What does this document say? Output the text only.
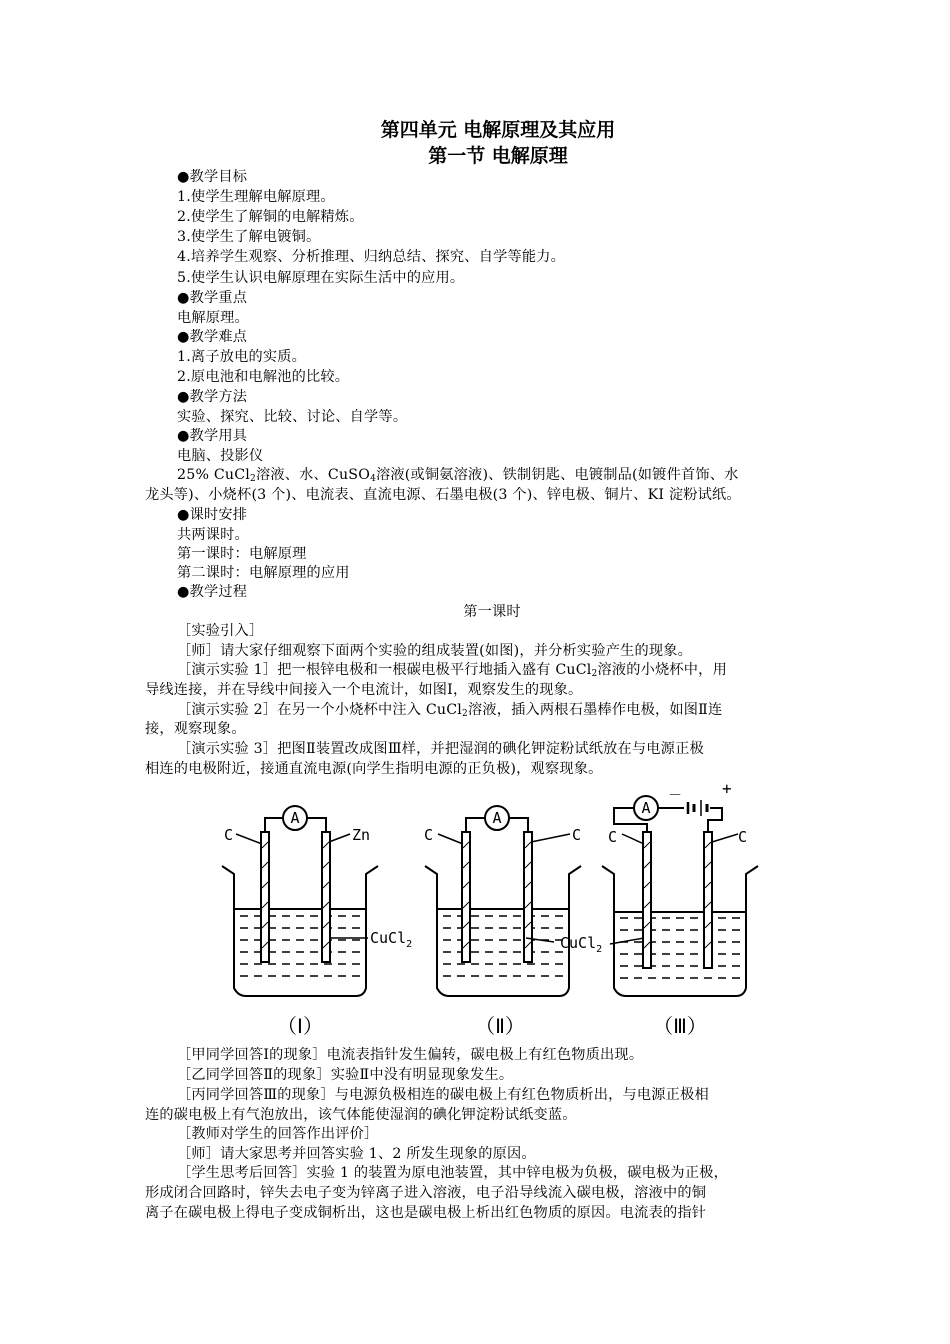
第四单元 电解原理及其应用
第一节 电解原理
●教学目标
1.使学生理解电解原理。
2.使学生了解铜的电解精炼。
3.使学生了解电镀铜。
4.培养学生观察、分析推理、归纳总结、探究、自学等能力。
5.使学生认识电解原理在实际生活中的应用。
●教学重点
电解原理。
●教学难点
1.离子放电的实质。
2.原电池和电解池的比较。
●教学方法
实验、探究、比较、讨论、自学等。
●教学用具
电脑、投影仪
25% CuCl$_2$溶液、水、CuSO$_4$溶液(或铜氨溶液)、铁制钥匙、电镀制品(如镀件首饰、水
龙头等)、小烧杯(3 个)、电流表、直流电源、石墨电极(3 个)、锌电极、铜片、KI 淀粉试纸。
●课时安排
共两课时。
第一课时：电解原理
第二课时：电解原理的应用
●教学过程
第一课时
［实验引入］
［师］请大家仔细观察下面两个实验的组成装置(如图)，并分析实验产生的现象。
［演示实验 1］把一根锌电极和一根碳电极平行地插入盛有 CuCl$_2$溶液的小烧杯中，用
导线连接，并在导线中间接入一个电流计，如图Ⅰ，观察发生的现象。
［演示实验 2］在另一个小烧杯中注入 CuCl$_2$溶液，插入两根石墨棒作电极，如图Ⅱ连
接，观察现象。
［演示实验 3］把图Ⅱ装置改成图Ⅲ样，并把湿润的碘化钾淀粉试纸放在与电源正极
相连的电极附近，接通直流电源(向学生指明电源的正负极)，观察现象。
A	A
A
C	Zn	C	C C	C
－	+
CuCl$_2$	CuCl$_2$
（Ⅰ）	（Ⅱ）	（Ⅲ）
［甲同学回答Ⅰ的现象］电流表指针发生偏转，碳电极上有红色物质出现。
［乙同学回答Ⅱ的现象］实验Ⅱ中没有明显现象发生。
［丙同学回答Ⅲ的现象］与电源负极相连的碳电极上有红色物质析出，与电源正极相
连的碳电极上有气泡放出，该气体能使湿润的碘化钾淀粉试纸变蓝。
［教师对学生的回答作出评价］
［师］请大家思考并回答实验 1、2 所发生现象的原因。
［学生思考后回答］实验 1 的装置为原电池装置，其中锌电极为负极，碳电极为正极，
形成闭合回路时，锌失去电子变为锌离子进入溶液，电子沿导线流入碳电极，溶液中的铜
离子在碳电极上得电子变成铜析出，这也是碳电极上析出红色物质的原因。电流表的指针
